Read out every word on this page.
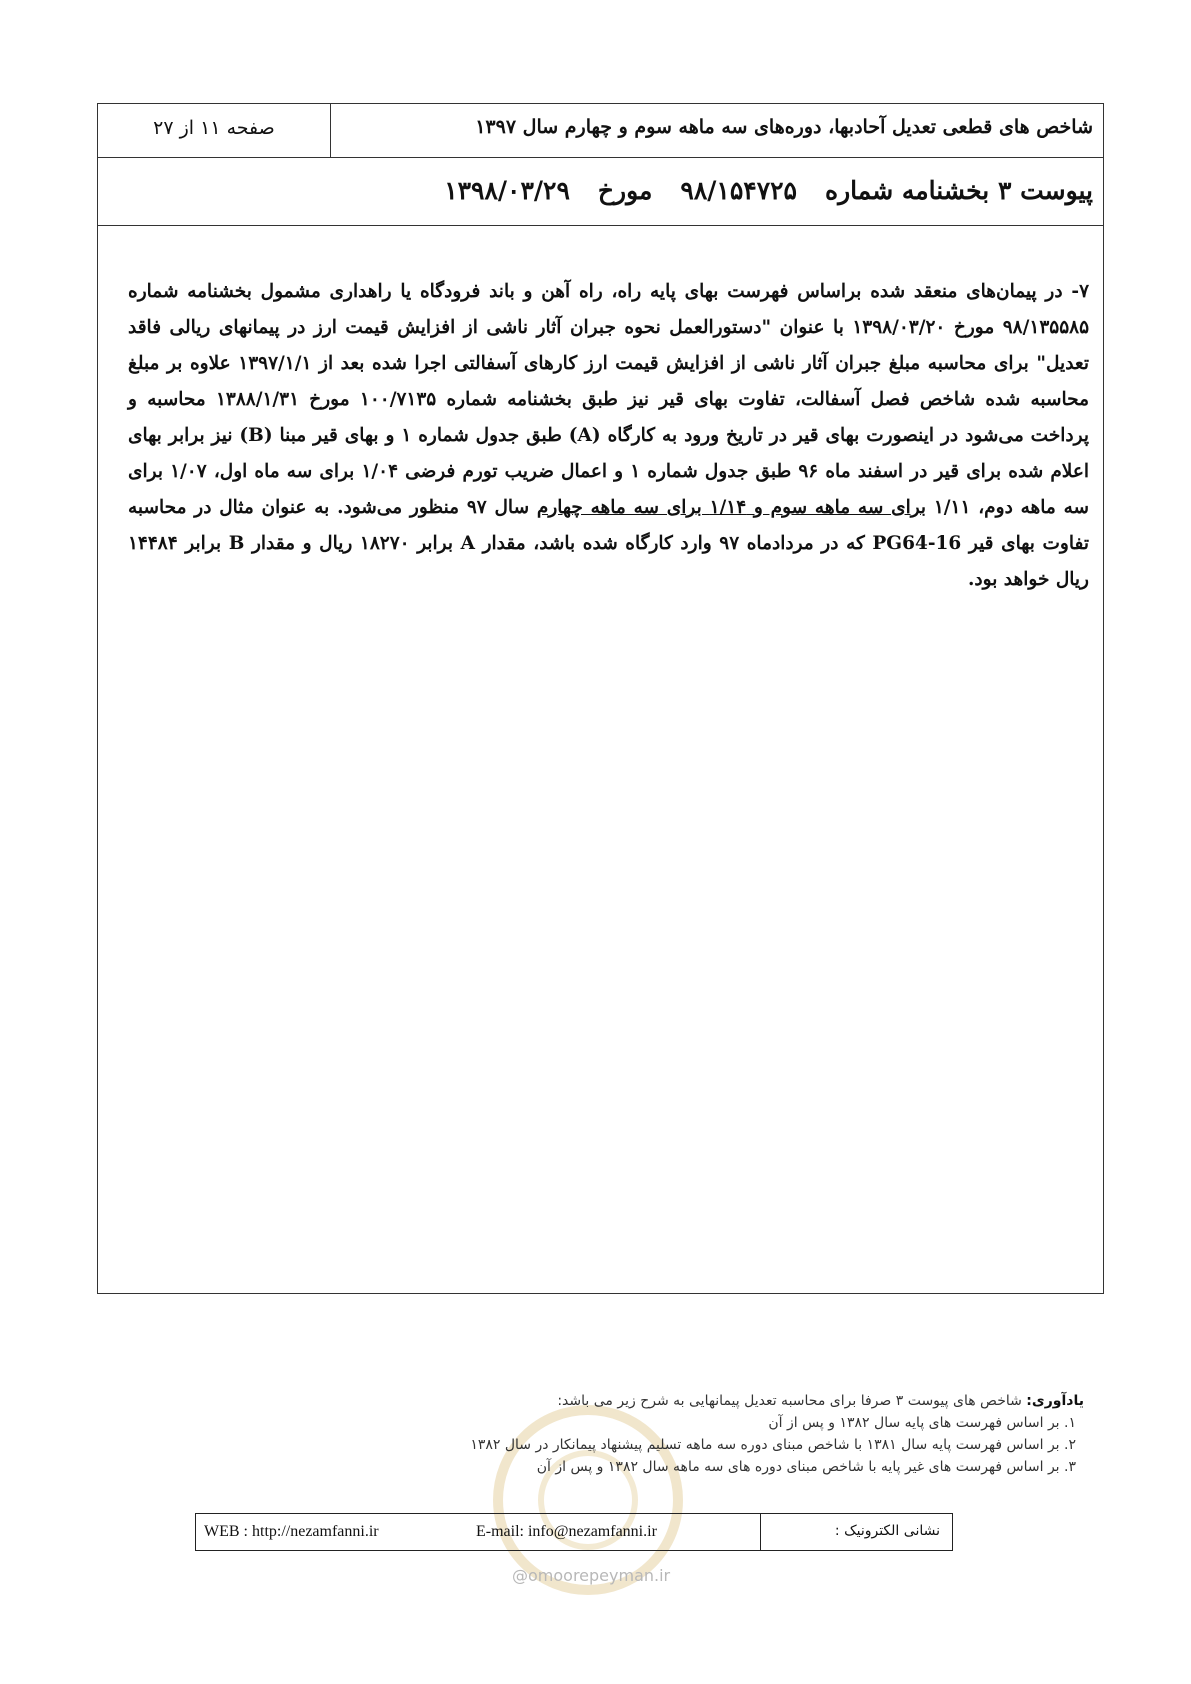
شاخص های قطعی تعدیل آحادبها، دوره‌های سه ماهه سوم و چهارم سال ۱۳۹۷
صفحه ۱۱ از ۲۷
پیوست ۳ بخشنامه شماره۹۸/۱۵۴۷۲۵مورخ۱۳۹۸/۰۳/۲۹
۷- در پیمان‌های منعقد شده براساس فهرست بهای پایه راه، راه آهن و باند فرودگاه یا راهداری مشمول بخشنامه شماره ۹۸/۱۳۵۵۸۵ مورخ ۱۳۹۸/۰۳/۲۰ با عنوان "دستورالعمل نحوه جبران آثار ناشی از افزایش قیمت ارز در پیمانهای ریالی فاقد تعدیل" برای محاسبه مبلغ جبران آثار ناشی از افزایش قیمت ارز کارهای آسفالتی اجرا شده بعد از ۱۳۹۷/۱/۱ علاوه بر مبلغ محاسبه شده شاخص فصل آسفالت، تفاوت بهای قیر نیز طبق بخشنامه شماره ۱۰۰/۷۱۳۵ مورخ ۱۳۸۸/۱/۳۱ محاسبه و پرداخت می‌شود در اینصورت بهای قیر در تاریخ ورود به کارگاه (A) طبق جدول شماره ۱ و بهای قیر مبنا (B) نیز برابر بهای اعلام شده برای قیر در اسفند ماه ۹۶ طبق جدول شماره ۱ و اعمال ضریب تورم فرضی ۱/۰۴ برای سه ماه اول، ۱/۰۷ برای سه ماهه دوم، ۱/۱۱ برای سه ماهه سوم و ۱/۱۴ برای سه ماهه چهارم سال ۹۷ منظور می‌شود. به عنوان مثال در محاسبه تفاوت بهای قیر PG64-16 که در مردادماه ۹۷ وارد کارگاه شده باشد، مقدار A برابر ۱۸۲۷۰ ریال و مقدار B برابر ۱۴۴۸۴ ریال خواهد بود.
یادآوری: شاخص های پیوست ۳ صرفا برای محاسبه تعدیل پیمانهایی به شرح زیر می باشد:
۱. بر اساس فهرست های پایه سال ۱۳۸۲ و پس از آن
۲. بر اساس فهرست پایه سال ۱۳۸۱ با شاخص مبنای دوره سه ماهه تسلیم پیشنهاد پیمانکار در سال ۱۳۸۲
۳. بر اساس فهرست های غیر پایه با شاخص مبنای دوره های سه ماهه سال ۱۳۸۲ و پس از آن
نشانی الکترونیک :
E-mail: info@nezamfanni.ir
WEB : http://nezamfanni.ir
@omoorepeyman.ir
